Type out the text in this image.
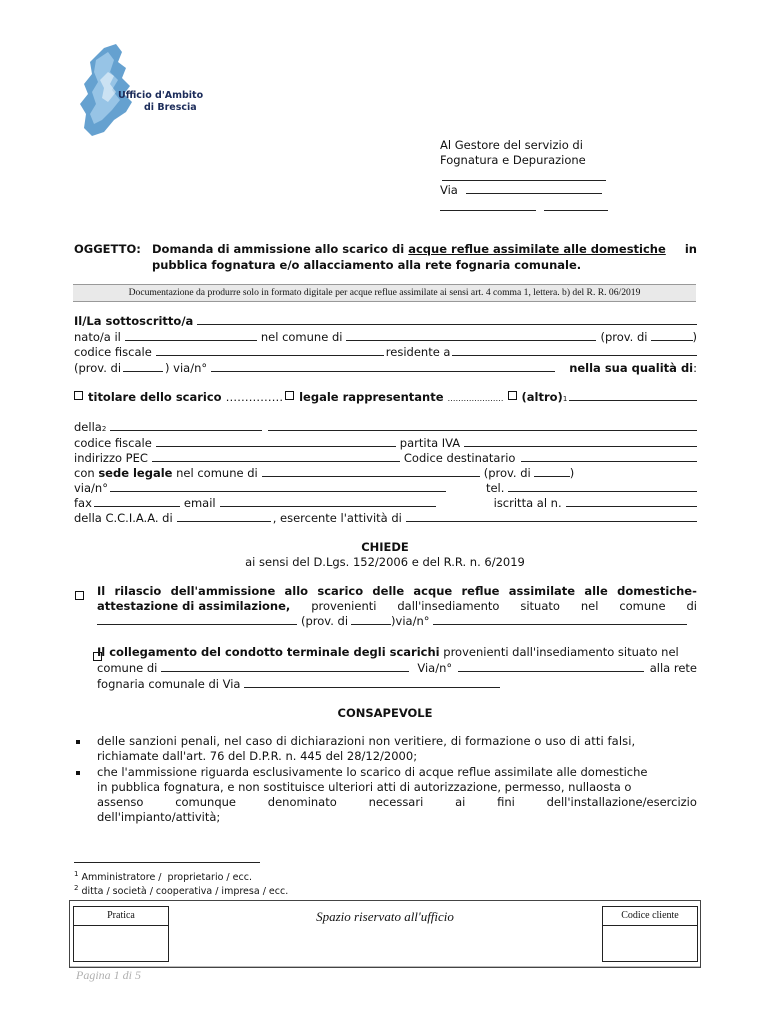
Ufficio d'Ambito
di Brescia
Al Gestore del servizio di
Fognatura e Depurazione
Via
OGGETTO: Domanda di ammissione allo scarico di acque reflue assimilate alle domestiche in
pubblica fognatura e/o allacciamento alla rete fognaria comunale.
Documentazione da produrre solo in formato digitale per acque reflue assimilate ai sensi art. 4 comma 1, lettera. b) del R. R. 06/2019
Il/La sottoscritto/a
nato/a il	nel comune di	(prov. di	)
codice fiscale	residente a
(prov. di	) via/n°	nella sua qualità di :
titolare dello scarico …………… legale rappresentante ………………… (altro) 1
della 2
codice fiscale	partita IVA
indirizzo PEC	Codice destinatario
con sede legale nel comune di	(prov. di	)
via/n°	tel.
fax	email	iscritta al n.
della C.C.I.A.A. di	, esercente l'attività di
CHIEDE
ai sensi del D.Lgs. 152/2006 e del R.R. n. 6/2019

Il rilascio dell'ammissione allo scarico delle acque reflue assimilate alle domestiche-
attestazione di assimilazione, provenienti dall'insediamento situato nel comune di
(prov. di	)via/n°
Il collegamento del condotto terminale degli scarichi provenienti dall'insediamento situato nel
comune di	Via/n°	alla rete
fognaria comunale di Via
CONSAPEVOLE
delle sanzioni penali, nel caso di dichiarazioni non veritiere, di formazione o uso di atti falsi,
richiamate dall'art. 76 del D.P.R. n. 445 del 28/12/2000;
che l'ammissione riguarda esclusivamente lo scarico di acque reflue assimilate alle domestiche
in pubblica fognatura, e non sostituisce ulteriori atti di autorizzazione, permesso, nullaosta o
assenso	comunque	denominato	necessari	ai	fini	dell'installazione/esercizio
dell'impianto/attività;
$^1$ Amministratore /  proprietario / ecc.
$^2$ ditta / società / cooperativa / impresa / ecc.
Pratica	Spazio riservato all'ufficio	Codice cliente
Pagina 1 di 5
